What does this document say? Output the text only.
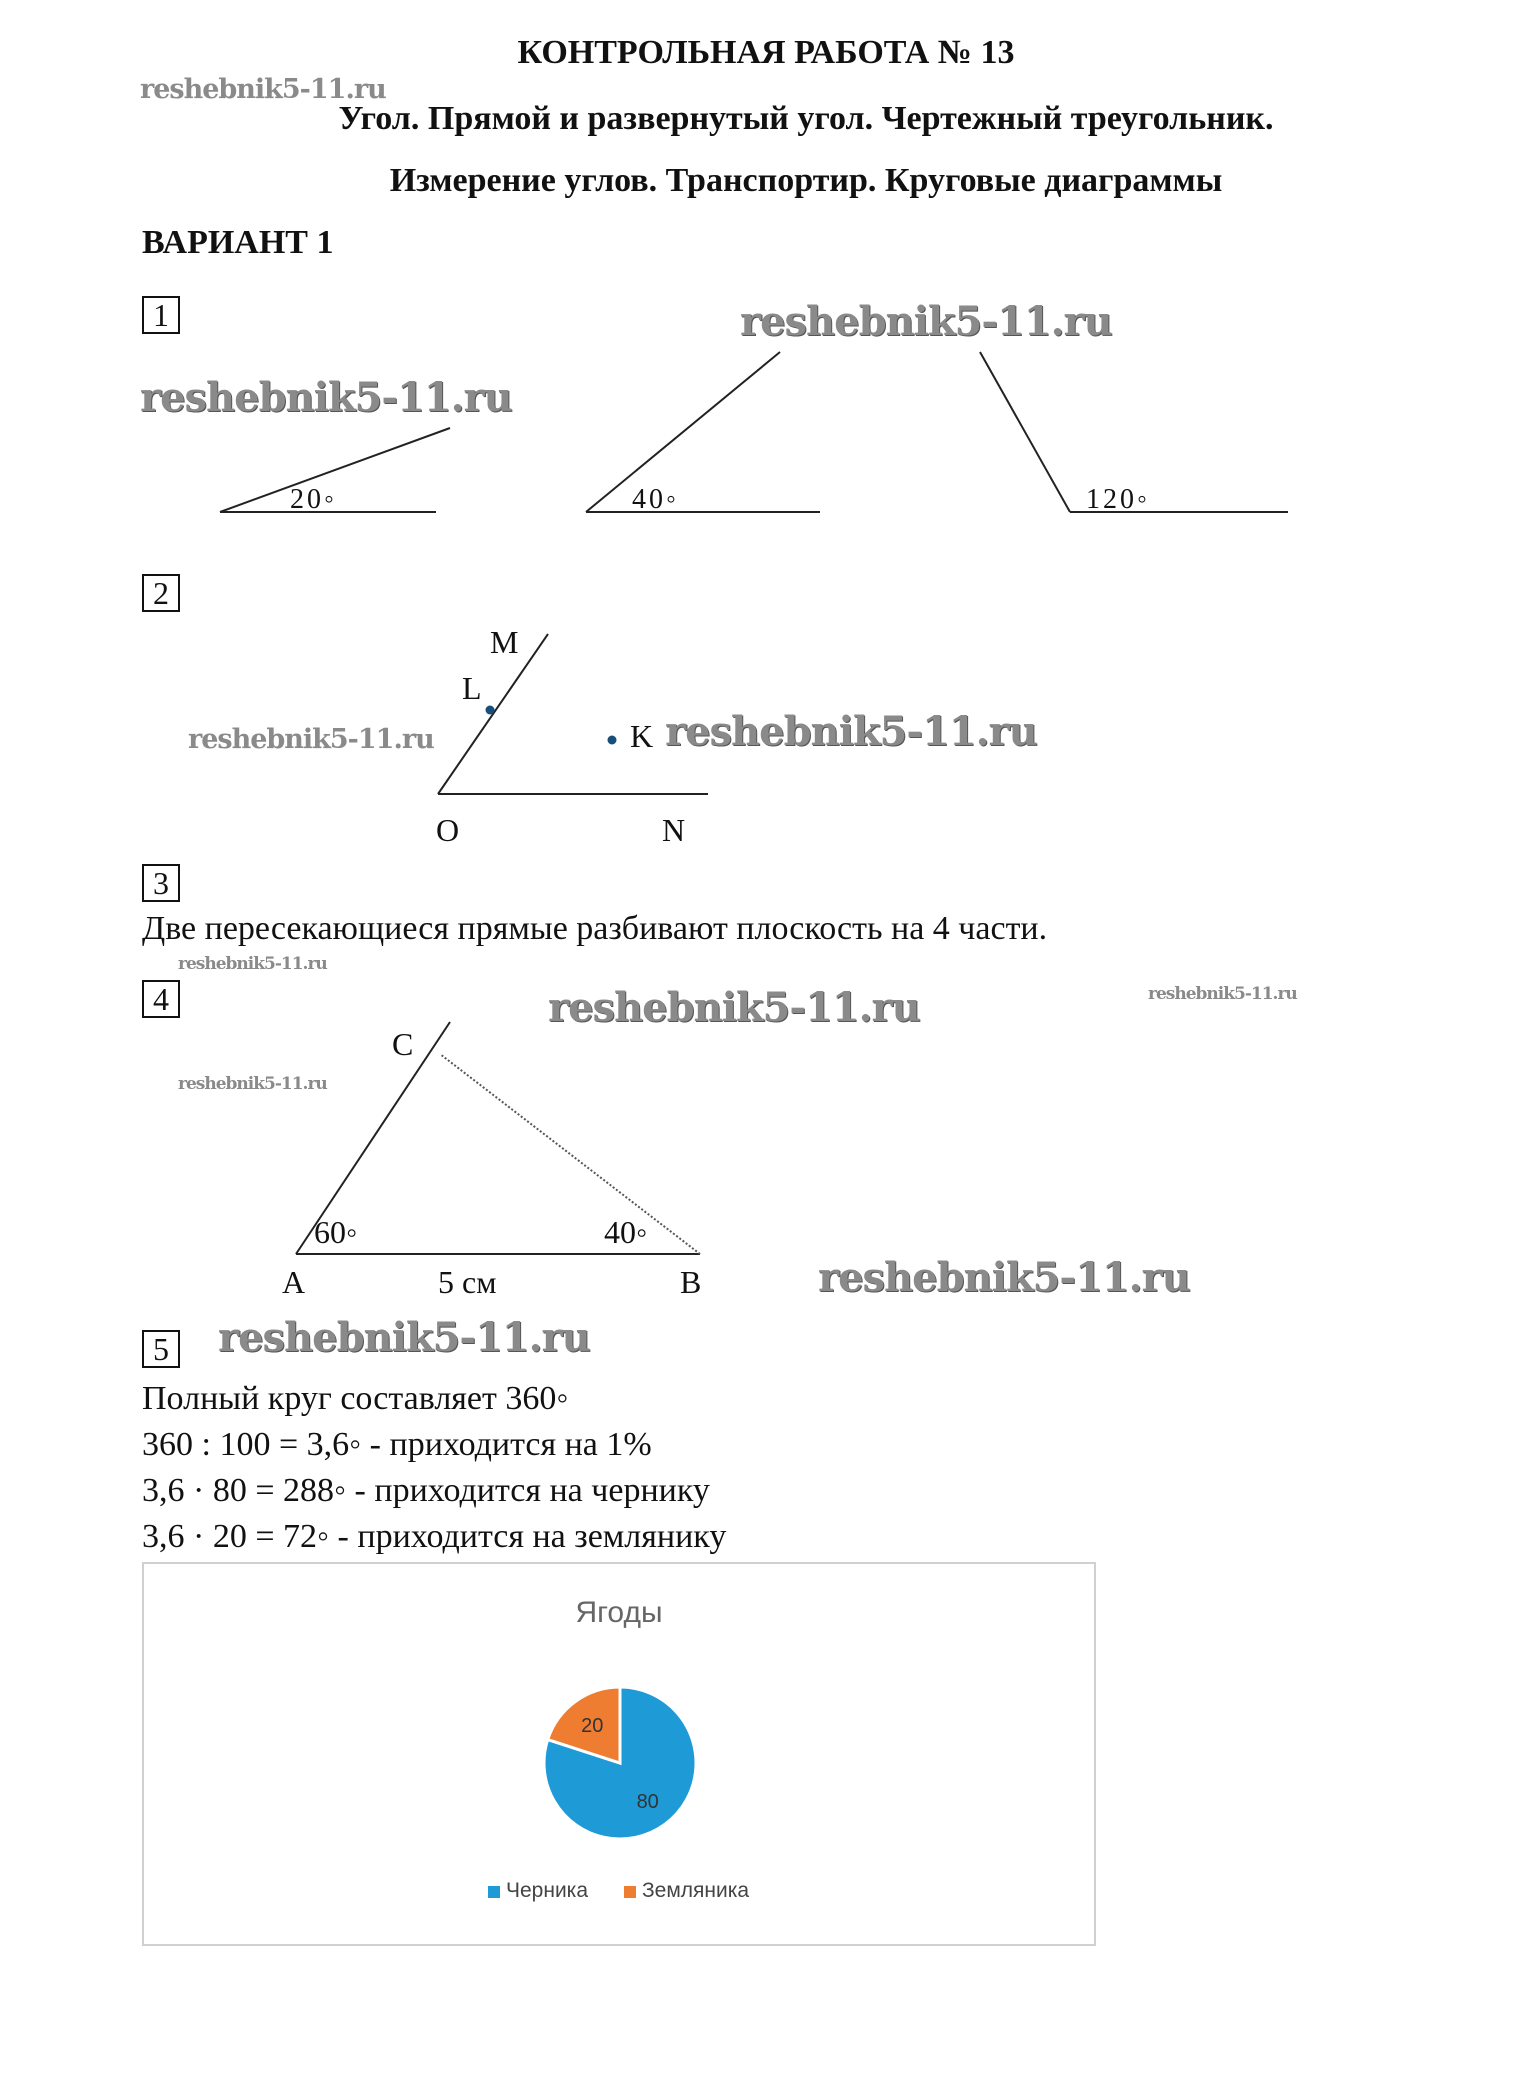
КОНТРОЛЬНАЯ РАБОТА № 13
Угол. Прямой и развернутый угол. Чертежный треугольник.
Измерение углов. Транспортир. Круговые диаграммы
ВАРИАНТ 1
reshebnik5-11.ru
reshebnik5-11.ru
reshebnik5-11.ru
reshebnik5-11.ru	reshebnik5-11.ru
reshebnik5-11.ru
reshebnik5-11.ru	reshebnik5-11.ru
reshebnik5-11.ru
reshebnik5-11.ru
reshebnik5-11.ru
1
20◦	40◦	120◦
2
M
L
K
O	N
3
Две пересекающиеся прямые разбивают плоскость на 4 части.
4
C
60◦	40◦
A	5 см	B
5
Полный круг составляет 360◦
360 : 100 = 3,6◦ - приходится на 1%
3,6 · 80 = 288◦ - приходится на чернику
3,6 · 20 = 72◦ - приходится на землянику
Ягоды
80
20
Черника	Земляника
